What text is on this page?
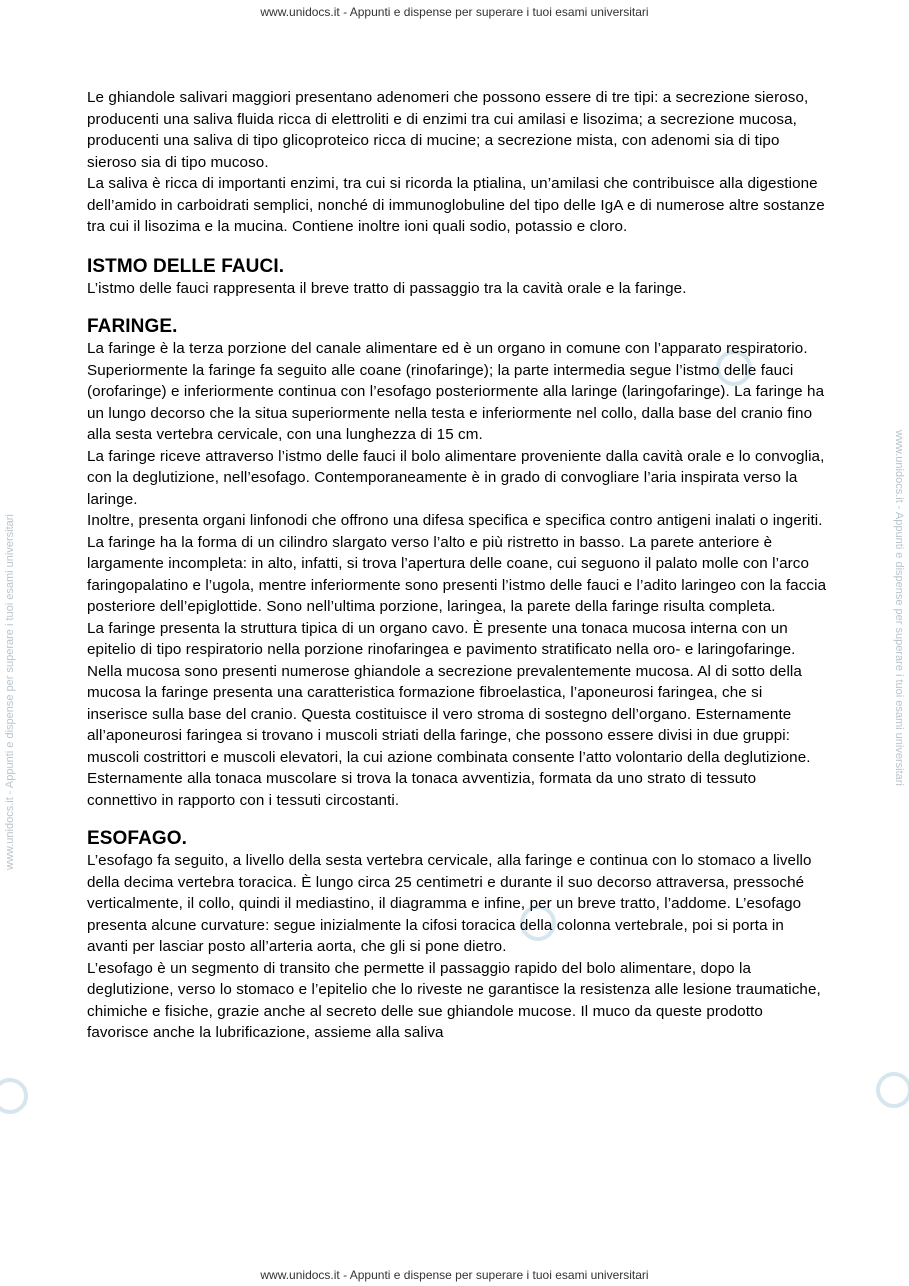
www.unidocs.it - Appunti e dispense per superare i tuoi esami universitari
www.unidocs.it - Appunti e dispense per superare i tuoi esami universitari	www.unidocs.it - Appunti e dispense per superare i tuoi esami universitari

Le ghiandole salivari maggiori presentano adenomeri che possono essere di tre tipi: a secrezione sieroso, producenti una saliva fluida ricca di elettroliti e di enzimi tra cui amilasi e lisozima; a secrezione mucosa, producenti una saliva di tipo glicoproteico ricca di mucine; a secrezione mista, con adenomi sia di tipo sieroso sia di tipo mucoso.

La saliva è ricca di importanti enzimi, tra cui si ricorda la ptialina, un’amilasi che contribuisce alla digestione dell’amido in carboidrati semplici, nonché di immunoglobuline del tipo delle IgA e di numerose altre sostanze tra cui il lisozima e la mucina. Contiene inoltre ioni quali sodio, potassio e cloro.

ISTMO DELLE FAUCI.

L’istmo delle fauci rappresenta il breve tratto di passaggio tra la cavità orale e la faringe.

FARINGE.

La faringe è la terza porzione del canale alimentare ed è un organo in comune con l’apparato respiratorio. Superiormente la faringe fa seguito alle coane (rinofaringe); la parte intermedia segue l’istmo delle fauci (orofaringe) e inferiormente continua con l’esofago posteriormente alla laringe (laringofaringe). La faringe ha un lungo decorso che la situa superiormente nella testa e inferiormente nel collo, dalla base del cranio fino alla sesta vertebra cervicale, con una lunghezza di 15 cm.

La faringe riceve attraverso l’istmo delle fauci il bolo alimentare proveniente dalla cavità orale e lo convoglia, con la deglutizione, nell’esofago. Contemporaneamente è in grado di convogliare l’aria inspirata verso la laringe.

Inoltre, presenta organi linfonodi che offrono una difesa specifica e specifica contro antigeni inalati o ingeriti.

La faringe ha la forma di un cilindro slargato verso l’alto e più ristretto in basso. La parete anteriore è largamente incompleta: in alto, infatti, si trova l’apertura delle coane, cui seguono il palato molle con l’arco faringopalatino e l’ugola, mentre inferiormente sono presenti l’istmo delle fauci e l’adito laringeo con la faccia posteriore dell’epiglottide. Sono nell’ultima porzione, laringea, la parete della faringe risulta completa.

La faringe presenta la struttura tipica di un organo cavo. È presente una tonaca mucosa interna con un epitelio di tipo respiratorio nella porzione rinofaringea e pavimento stratificato nella oro- e laringofaringe. Nella mucosa sono presenti numerose ghiandole a secrezione prevalentemente mucosa. Al di sotto della mucosa la faringe presenta una caratteristica formazione fibroelastica, l’aponeurosi faringea, che si inserisce sulla base del cranio. Questa costituisce il vero stroma di sostegno dell’organo. Esternamente all’aponeurosi faringea si trovano i muscoli striati della faringe, che possono essere divisi in due gruppi: muscoli costrittori e muscoli elevatori, la cui azione combinata consente l’atto volontario della deglutizione. Esternamente alla tonaca muscolare si trova la tonaca avventizia, formata da uno strato di tessuto connettivo in rapporto con i tessuti circostanti.

ESOFAGO.

L’esofago fa seguito, a livello della sesta vertebra cervicale, alla faringe e continua con lo stomaco a livello della decima vertebra toracica. È lungo circa 25 centimetri e durante il suo decorso attraversa, pressoché verticalmente, il collo, quindi il mediastino, il diagramma e infine, per un breve tratto, l’addome. L’esofago presenta alcune curvature: segue inizialmente la cifosi toracica della colonna vertebrale, poi si porta in avanti per lasciar posto all’arteria aorta, che gli si pone dietro.

L’esofago è un segmento di transito che permette il passaggio rapido del bolo alimentare, dopo la deglutizione, verso lo stomaco e l’epitelio che lo riveste ne garantisce la resistenza alle lesione traumatiche, chimiche e fisiche, grazie anche al secreto delle sue ghiandole mucose. Il muco da queste prodotto favorisce anche la lubrificazione, assieme alla saliva

www.unidocs.it - Appunti e dispense per superare i tuoi esami universitari
